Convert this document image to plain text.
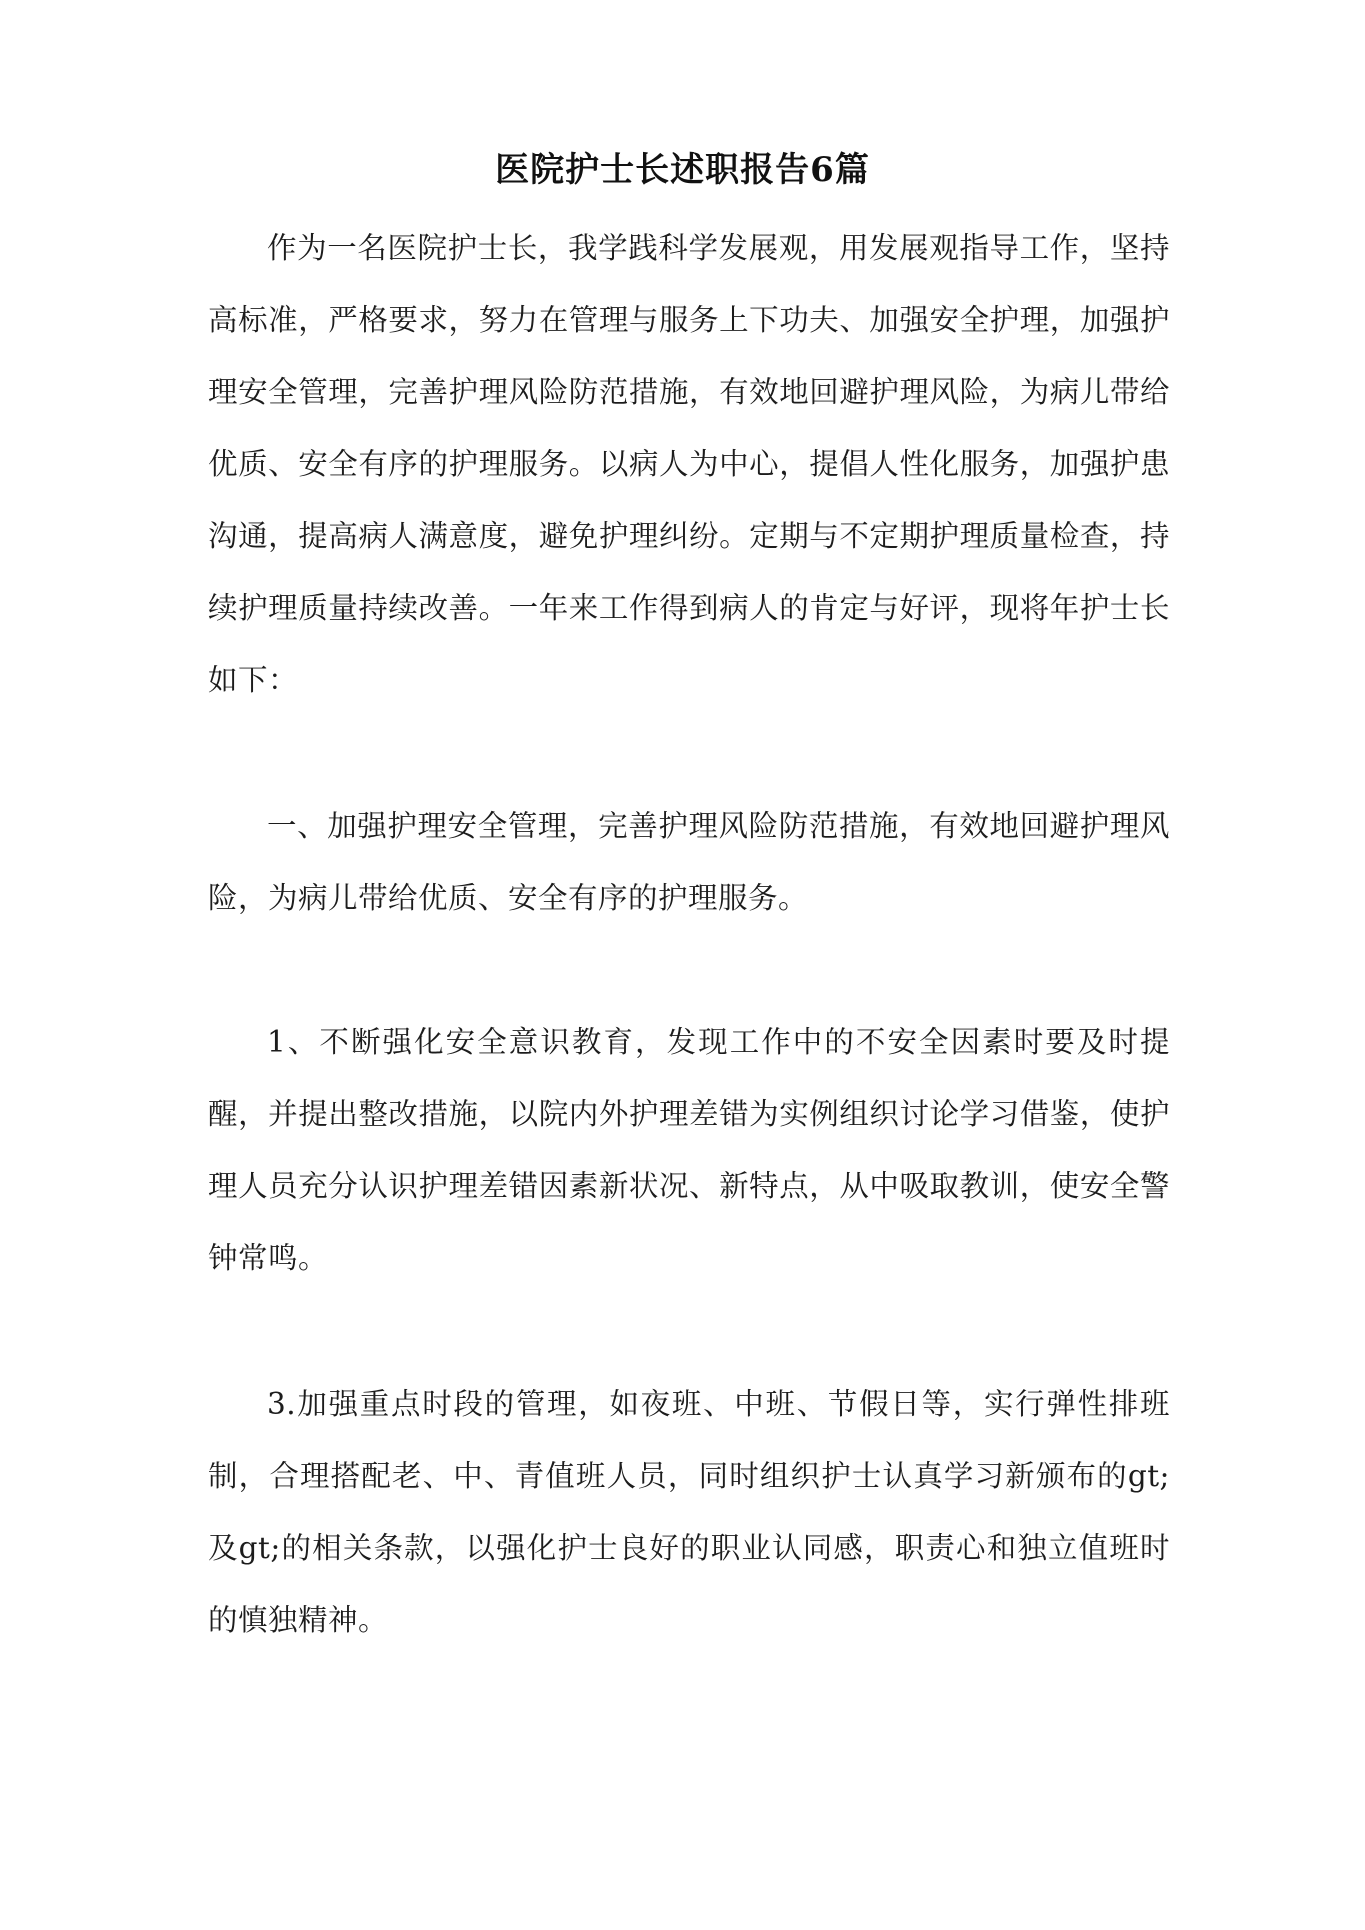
医院护士长述职报告6篇

作为一名医院护士长，我学践科学发展观，用发展观指导工作，坚持高标准，严格要求，努力在管理与服务上下功夫、加强安全护理，加强护理安全管理，完善护理风险防范措施，有效地回避护理风险，为病儿带给优质、安全有序的护理服务。以病人为中心，提倡人性化服务，加强护患沟通，提高病人满意度，避免护理纠纷。定期与不定期护理质量检查，持续护理质量持续改善。一年来工作得到病人的肯定与好评，现将年护士长如下：

一、加强护理安全管理，完善护理风险防范措施，有效地回避护理风险，为病儿带给优质、安全有序的护理服务。

1、不断强化安全意识教育，发现工作中的不安全因素时要及时提醒，并提出整改措施，以院内外护理差错为实例组织讨论学习借鉴，使护理人员充分认识护理差错因素新状况、新特点，从中吸取教训，使安全警钟常鸣。

3.加强重点时段的管理，如夜班、中班、节假日等，实行弹性排班制，合理搭配老、中、青值班人员，同时组织护士认真学习新颁布的gt;及gt;的相关条款，以强化护士良好的职业认同感，职责心和独立值班时的慎独精神。
